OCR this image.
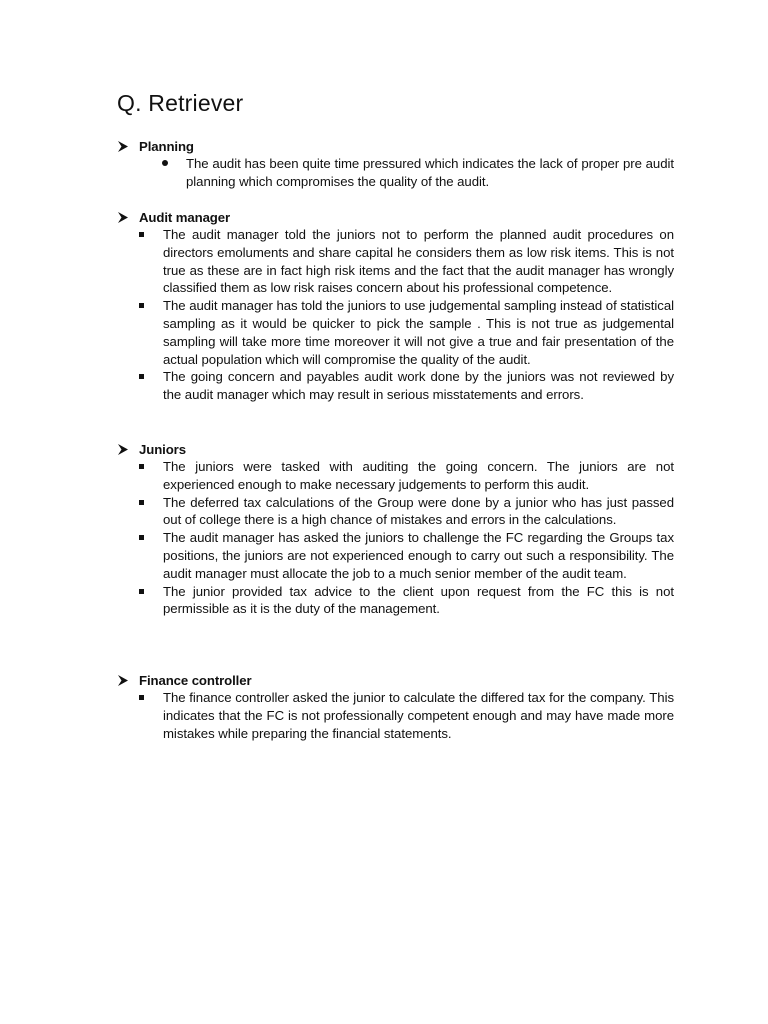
Q. Retriever
Planning
The audit has been quite time pressured which indicates the lack of proper pre audit planning which compromises the quality of the audit.
Audit manager
The audit manager told the juniors not to perform the planned audit procedures on directors emoluments and share capital he considers them as low risk items. This is not true as these are in fact high risk items and the fact that the audit manager has wrongly classified them as low risk raises concern about his professional competence.
The audit manager has told the juniors to use judgemental sampling instead of statistical sampling as it would be quicker to pick the sample . This is not true as judgemental sampling will take more time moreover it will not give a true and fair presentation of the actual population which will compromise the quality of the audit.
The going concern and payables audit work done by the juniors was not reviewed by the audit manager which may result in serious misstatements and errors.
Juniors
The juniors were tasked with auditing the going concern. The juniors are not experienced enough to make necessary judgements to perform this audit.
The deferred tax calculations of the Group were done by a junior who has just passed out of college there is a high chance of mistakes and errors in the calculations.
The audit manager has asked the juniors to challenge the FC regarding the Groups tax positions, the juniors are not experienced enough to carry out such a responsibility. The audit manager must allocate the job to a much senior member of the audit team.
The junior provided tax advice to the client upon request from the FC this is not permissible as it is the duty of the management.
Finance controller
The finance controller asked the junior to calculate the differed tax for the company. This indicates that the FC is not professionally competent enough and may have made more mistakes while preparing the financial statements.
